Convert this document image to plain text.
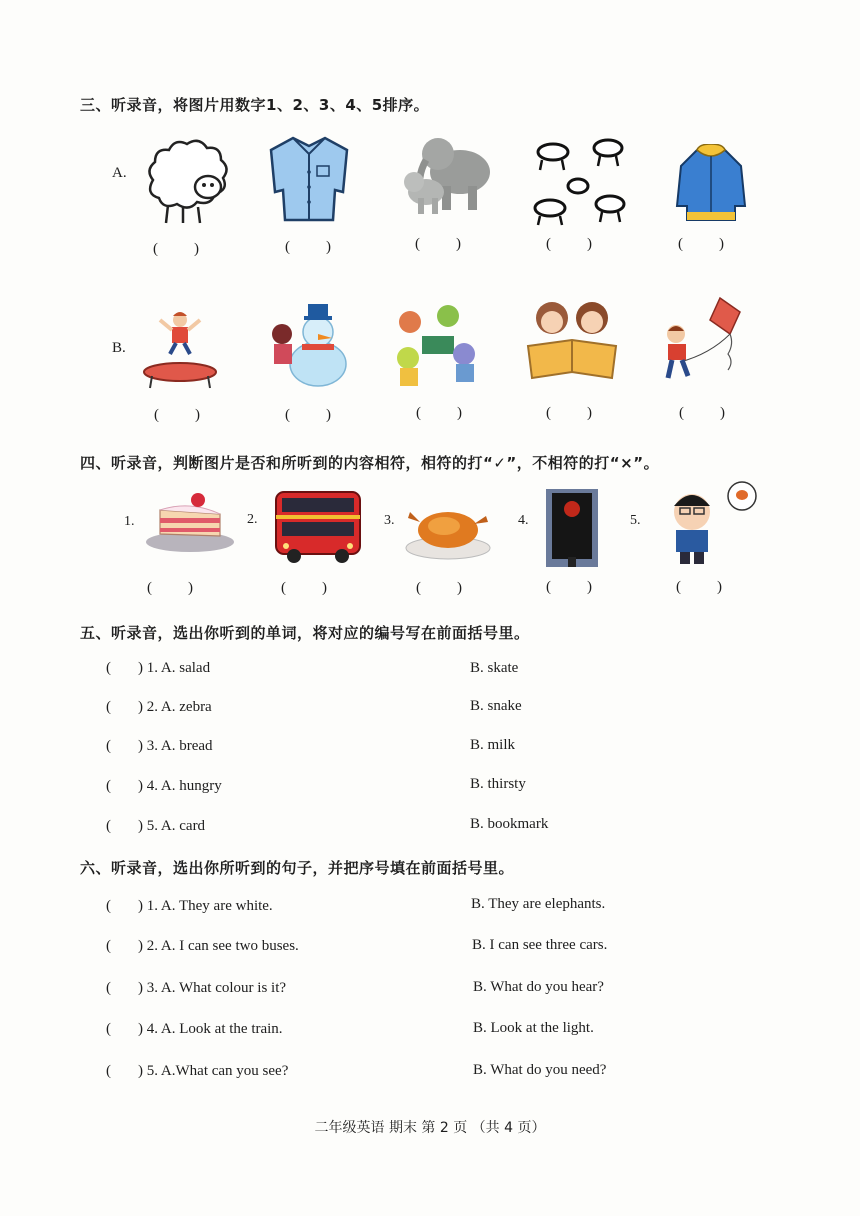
三、听录音，将图片用数字1、2、3、4、5排序。
A.
( )	( )	( )	( )	( )
B.
( )	( )	( )	( )	( )
四、听录音，判断图片是否和所听到的内容相符，相符的打“✓”，不相符的打“×”。
1.	2.	3.	4.	5.
( )	( )	( )	( )	( )
五、听录音，选出你听到的单词，将对应的编号写在前面括号里。
( ) 1. A. salad	B. skate
( ) 2. A. zebra	B. snake
( ) 3. A. bread	B. milk
( ) 4. A. hungry	B. thirsty
( ) 5. A. card	B. bookmark
六、听录音，选出你所听到的句子，并把序号填在前面括号里。
( ) 1. A. They are white.	B. They are elephants.
( ) 2. A. I can see two buses.	B. I can see three cars.
( ) 3. A. What colour is it?	B. What do you hear?
( ) 4. A. Look at the train.	B. Look at the light.
( ) 5. A.What can you see?	B. What do you need?
二年级英语 期末 第 2 页 （共 4 页）
